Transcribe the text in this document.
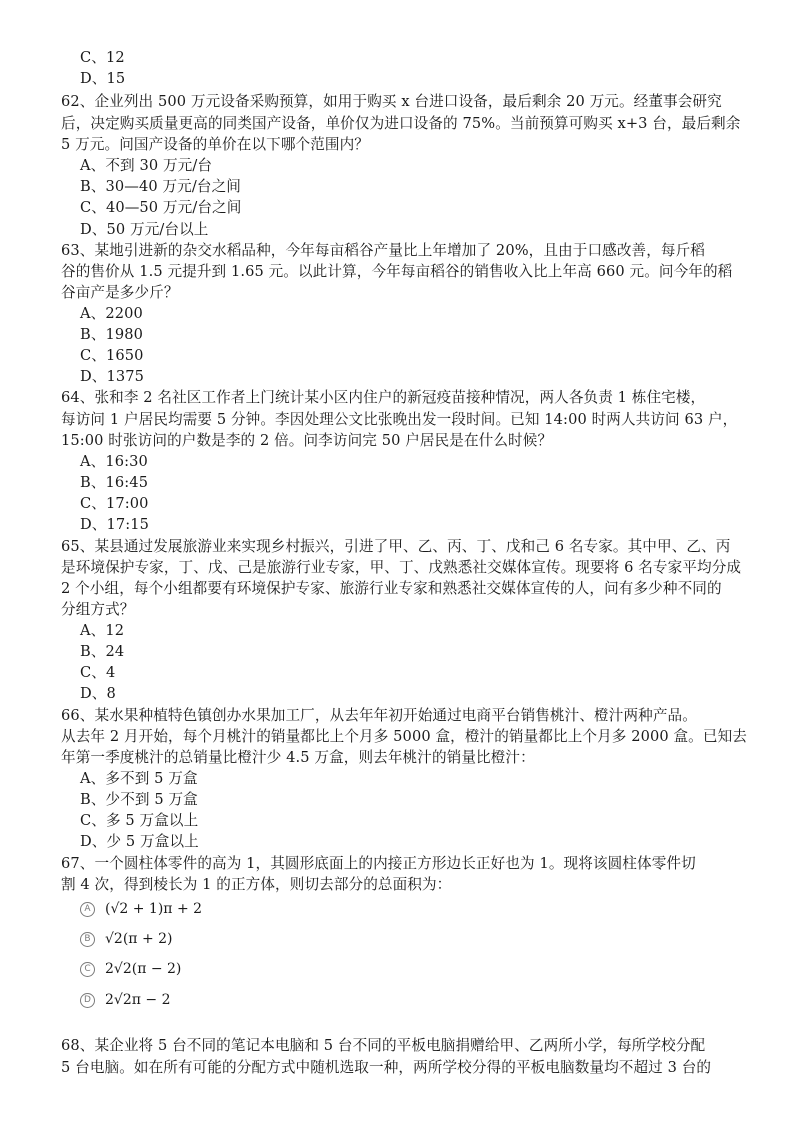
C、12
D、15
62、企业列出 500 万元设备采购预算，如用于购买 x 台进口设备，最后剩余 20 万元。经董事会研究
后，决定购买质量更高的同类国产设备，单价仅为进口设备的 75%。当前预算可购买 x+3 台，最后剩余
5 万元。问国产设备的单价在以下哪个范围内？
A、不到 30 万元/台
B、30—40 万元/台之间
C、40—50 万元/台之间
D、50 万元/台以上
63、某地引进新的杂交水稻品种，今年每亩稻谷产量比上年增加了 20%，且由于口感改善，每斤稻
谷的售价从 1.5 元提升到 1.65 元。以此计算，今年每亩稻谷的销售收入比上年高 660 元。问今年的稻
谷亩产是多少斤？
A、2200
B、1980
C、1650
D、1375
64、张和李 2 名社区工作者上门统计某小区内住户的新冠疫苗接种情况，两人各负责 1 栋住宅楼，
每访问 1 户居民均需要 5 分钟。李因处理公文比张晚出发一段时间。已知 14:00 时两人共访问 63 户，
15:00 时张访问的户数是李的 2 倍。问李访问完 50 户居民是在什么时候？
A、16:30
B、16:45
C、17:00
D、17:15
65、某县通过发展旅游业来实现乡村振兴，引进了甲、乙、丙、丁、戊和己 6 名专家。其中甲、乙、丙
是环境保护专家，丁、戊、己是旅游行业专家，甲、丁、戊熟悉社交媒体宣传。现要将 6 名专家平均分成
2 个小组，每个小组都要有环境保护专家、旅游行业专家和熟悉社交媒体宣传的人，问有多少种不同的
分组方式？
A、12
B、24
C、4
D、8
66、某水果种植特色镇创办水果加工厂，从去年年初开始通过电商平台销售桃汁、橙汁两种产品。
从去年 2 月开始，每个月桃汁的销量都比上个月多 5000 盒，橙汁的销量都比上个月多 2000 盒。已知去
年第一季度桃汁的总销量比橙汁少 4.5 万盒，则去年桃汁的销量比橙汁：
A、多不到 5 万盒
B、少不到 5 万盒
C、多 5 万盒以上
D、少 5 万盒以上
67、一个圆柱体零件的高为 1，其圆形底面上的内接正方形边长正好也为 1。现将该圆柱体零件切
割 4 次，得到棱长为 1 的正方体，则切去部分的总面积为：
A	(√2 + 1)π + 2
B	√2(π + 2)
C	2√2(π − 2)
D 2√2π − 2
68、某企业将 5 台不同的笔记本电脑和 5 台不同的平板电脑捐赠给甲、乙两所小学，每所学校分配
5 台电脑。如在所有可能的分配方式中随机选取一种，两所学校分得的平板电脑数量均不超过 3 台的
